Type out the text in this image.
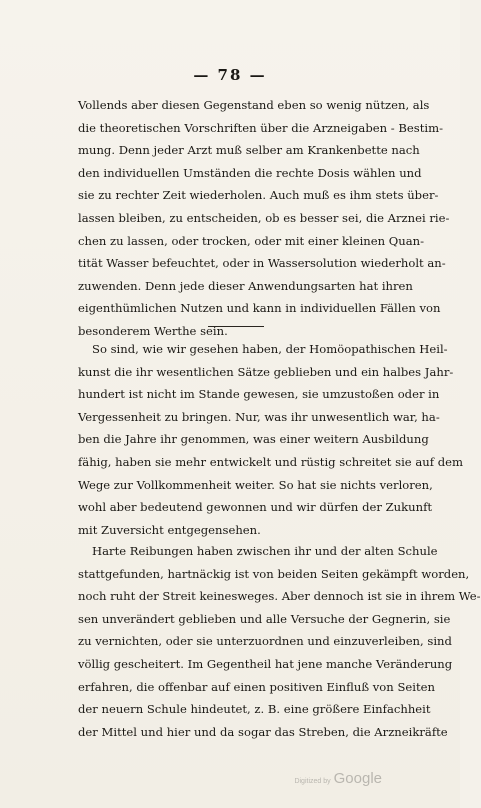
— 78 —

Vollends aber diesen Gegenstand eben so wenig nützen, als
die theoretischen Vorschriften über die Arzneigaben - Bestim-
mung. Denn jeder Arzt muß selber am Krankenbette nach
den individuellen Umständen die rechte Dosis wählen und
sie zu rechter Zeit wiederholen. Auch muß es ihm stets über-
lassen bleiben, zu entscheiden, ob es besser sei, die Arznei rie-
chen zu lassen, oder trocken, oder mit einer kleinen Quan-
tität Wasser befeuchtet, oder in Wassersolution wiederholt an-
zuwenden. Denn jede dieser Anwendungsarten hat ihren
eigenthümlichen Nutzen und kann in individuellen Fällen von
besonderem Werthe sein.

So sind, wie wir gesehen haben, der Homöopathischen Heil-
kunst die ihr wesentlichen Sätze geblieben und ein halbes Jahr-
hundert ist nicht im Stande gewesen, sie umzustoßen oder in
Vergessenheit zu bringen. Nur, was ihr unwesentlich war, ha-
ben die Jahre ihr genommen, was einer weitern Ausbildung
fähig, haben sie mehr entwickelt und rüstig schreitet sie auf dem
Wege zur Vollkommenheit weiter. So hat sie nichts verloren,
wohl aber bedeutend gewonnen und wir dürfen der Zukunft
mit Zuversicht entgegensehen.

Harte Reibungen haben zwischen ihr und der alten Schule
stattgefunden, hartnäckig ist von beiden Seiten gekämpft worden,
noch ruht der Streit keinesweges. Aber dennoch ist sie in ihrem We-
sen unverändert geblieben und alle Versuche der Gegnerin, sie
zu vernichten, oder sie unterzuordnen und einzuverleiben, sind
völlig gescheitert. Im Gegentheil hat jene manche Veränderung
erfahren, die offenbar auf einen positiven Einfluß von Seiten
der neuern Schule hindeutet, z. B. eine größere Einfachheit
der Mittel und hier und da sogar das Streben, die Arzneikräfte

Digitized by Google
